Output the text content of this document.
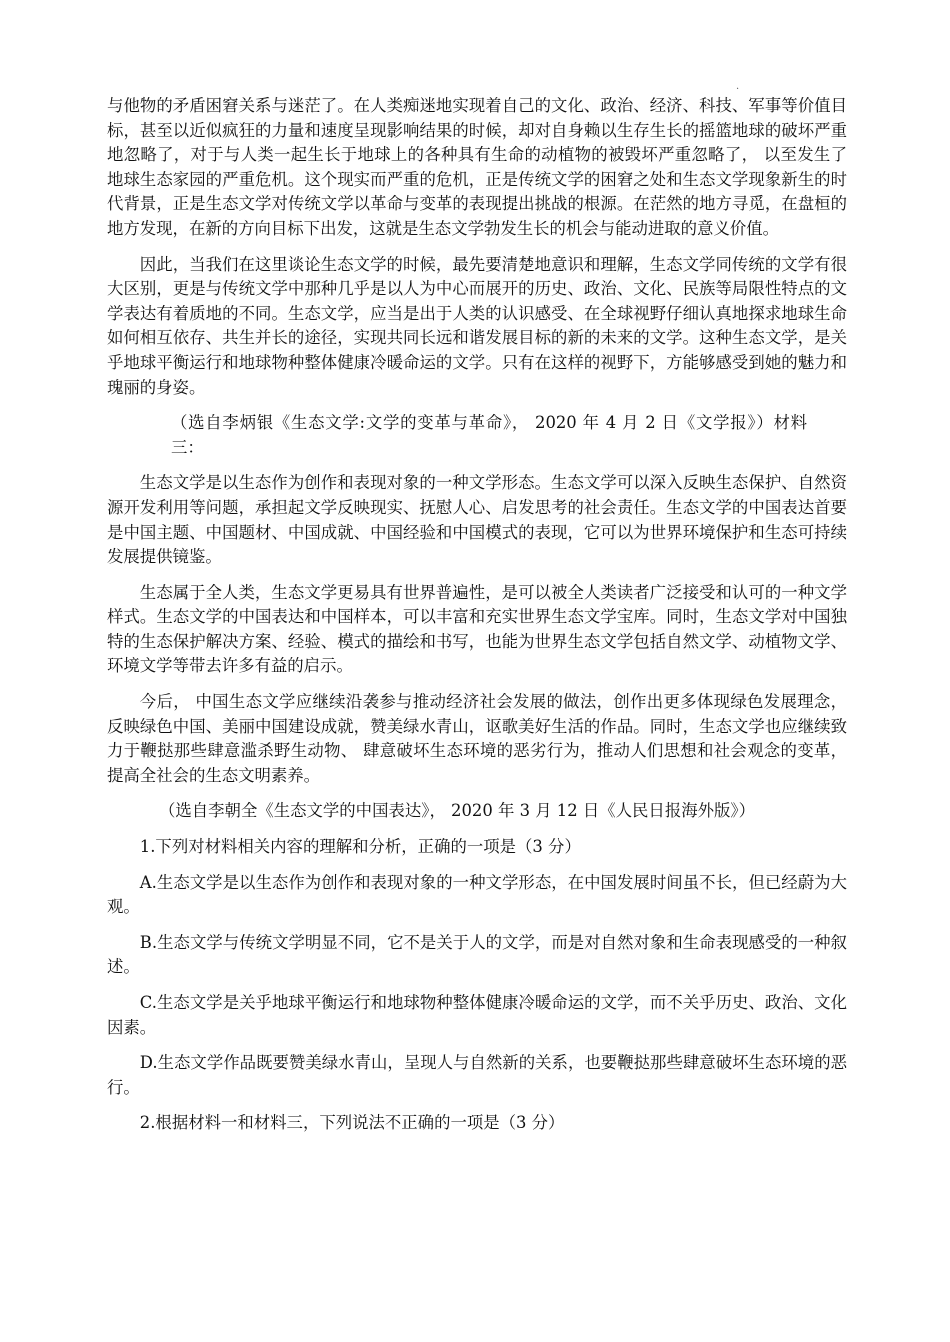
·

与他物的矛盾困窘关系与迷茫了。在人类痴迷地实现着自己的文化、政治、经济、科技、军事等价值目标，甚至以近似疯狂的力量和速度呈现影响结果的时候，却对自身赖以生存生长的摇篮地球的破坏严重地忽略了，对于与人类一起生长于地球上的各种具有生命的动植物的被毁坏严重忽略了， 以至发生了地球生态家园的严重危机。这个现实而严重的危机，正是传统文学的困窘之处和生态文学现象新生的时代背景，正是生态文学对传统文学以革命与变革的表现提出挑战的根源。在茫然的地方寻觅，在盘桓的地方发现，在新的方向目标下出发，这就是生态文学勃发生长的机会与能动进取的意义价值。

因此，当我们在这里谈论生态文学的时候，最先要清楚地意识和理解，生态文学同传统的文学有很大区别，更是与传统文学中那种几乎是以人为中心而展开的历史、政治、文化、民族等局限性特点的文学表达有着质地的不同。生态文学，应当是出于人类的认识感受、在全球视野仔细认真地探求地球生命如何相互依存、共生并长的途径，实现共同长远和谐发展目标的新的未来的文学。这种生态文学，是关乎地球平衡运行和地球物种整体健康冷暖命运的文学。只有在这样的视野下，方能够感受到她的魅力和瑰丽的身姿。

（选自李炳银《生态文学:文学的变革与革命》， 2020 年 4 月 2 日《文学报》）材料三：

生态文学是以生态作为创作和表现对象的一种文学形态。生态文学可以深入反映生态保护、自然资源开发利用等问题，承担起文学反映现实、抚慰人心、启发思考的社会责任。生态文学的中国表达首要是中国主题、中国题材、中国成就、中国经验和中国模式的表现，它可以为世界环境保护和生态可持续发展提供镜鉴。

生态属于全人类，生态文学更易具有世界普遍性，是可以被全人类读者广泛接受和认可的一种文学样式。生态文学的中国表达和中国样本，可以丰富和充实世界生态文学宝库。同时，生态文学对中国独特的生态保护解决方案、经验、模式的描绘和书写，也能为世界生态文学包括自然文学、动植物文学、环境文学等带去许多有益的启示。

今后， 中国生态文学应继续沿袭参与推动经济社会发展的做法，创作出更多体现绿色发展理念，反映绿色中国、美丽中国建设成就，赞美绿水青山，讴歌美好生活的作品。同时，生态文学也应继续致力于鞭挞那些肆意滥杀野生动物、 肆意破坏生态环境的恶劣行为，推动人们思想和社会观念的变革，提高全社会的生态文明素养。

（选自李朝全《生态文学的中国表达》， 2020 年 3 月 12 日《人民日报海外版》）

1.下列对材料相关内容的理解和分析，正确的一项是（3 分）

A.生态文学是以生态作为创作和表现对象的一种文学形态，在中国发展时间虽不长，但已经蔚为大观。

B.生态文学与传统文学明显不同，它不是关于人的文学，而是对自然对象和生命表现感受的一种叙述。

C.生态文学是关乎地球平衡运行和地球物种整体健康冷暖命运的文学，而不关乎历史、政治、文化因素。

D.生态文学作品既要赞美绿水青山，呈现人与自然新的关系，也要鞭挞那些肆意破坏生态环境的恶行。

2.根据材料一和材料三，下列说法不正确的一项是（3 分）
